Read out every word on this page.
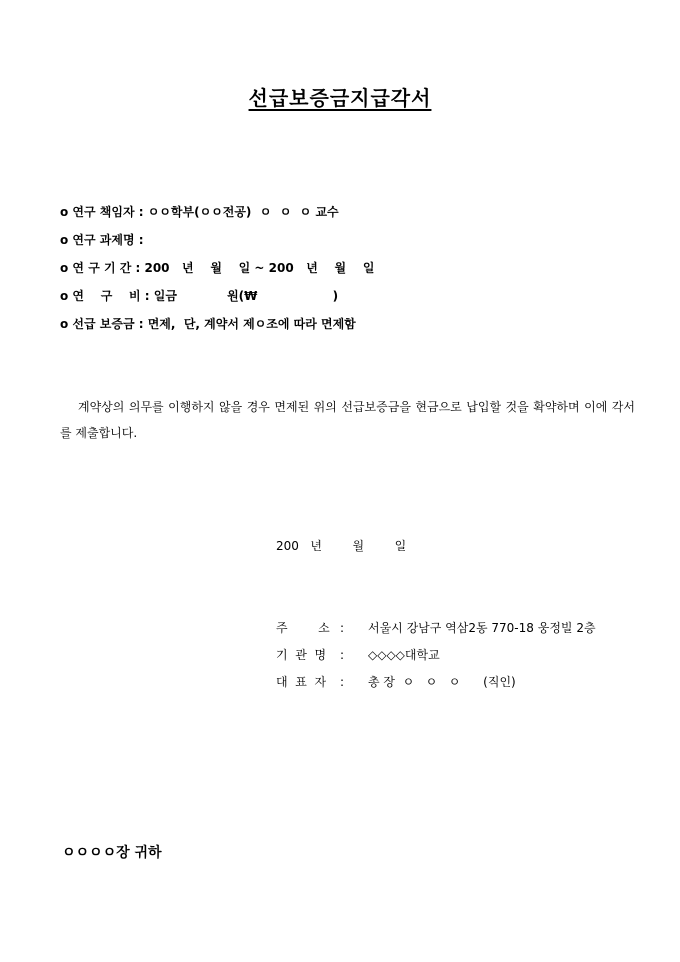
선급보증금지급각서
o 연구 책임자 : ㅇㅇ학부(ㅇㅇ전공)  ㅇ  ㅇ  ㅇ 교수
o 연구 과제명 :
o 연 구 기 간 : 200   년    월    일 ~ 200   년    월    일
o 연    구    비 : 일금            원(₩                  )
o 선급 보증금 : 면제,  단, 계약서 제ㅇ조에 따라 면제함
계약상의 의무를 이행하지 않을 경우 면제된 위의 선급보증금을 현금으로 납입할 것을 확약하며 이에 각서를 제출합니다.
200   년        월        일
주        소 :	서울시 강남구 역삼2동 770-18 웅정빌 2층
기  관  명	:	◇◇◇◇대학교
대  표  자	:	총 장  ㅇ   ㅇ   ㅇ      (직인)
ㅇㅇㅇㅇ장 귀하
